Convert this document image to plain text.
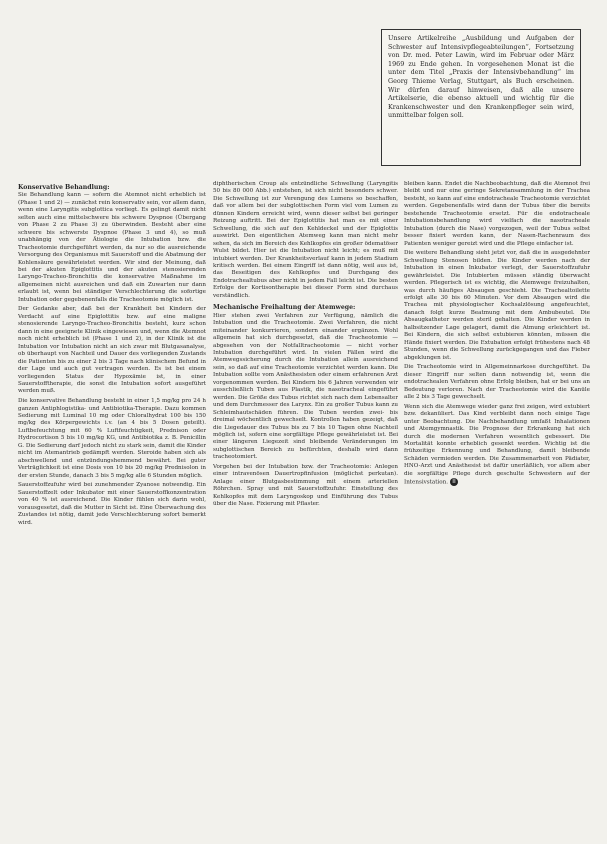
Unsere Artikelreihe „Ausbildung und Aufgaben der Schwester auf Intensivpflegeabteilungen“, Fortsetzung von Dr. med. Peter Lawin, wird im Februar oder März 1969 zu Ende gehen. In vorgesehenen Monat ist die unter dem Titel „Praxis der Intensivbehandlung“ im Georg Thieme Verlag, Stuttgart, als Buch erscheinen. Wir dürfen darauf hinweisen, daß alle unsere Artikelserie, die ebenso aktuell und wichtig für die Krankenschwester und den Krankenpfleger sein wird, unmittelbar folgen soll.
Konservative Behandlung:

Sie Behandlung kann — sofern die Atemnot nicht erheblich ist (Phase 1 und 2) — zunächst rein konservativ sein, vor allem dann, wenn eine Laryngitis subglottica vorliegt. Es gelingt damit nicht selten auch eine mittelschwere bis schwere Dyspnoe (Übergang von Phase 2 zu Phase 3) zu überwinden. Besteht aber eine schwere bis schwerste Dyspnoe (Phase 3 und 4), so muß unabhängig von der Ätiologie die Intubation bzw. die Tracheotomie durchgeführt werden, da nur so die ausreichende Versorgung des Organismus mit Sauerstoff und die Abatmung der Kohlensäure gewährleistet werden. Wir sind der Meinung, daß bei der akuten Epiglottitis und der akuten stenosierenden Laryngo-Tracheo-Bronchitis die konservative Maßnahme im allgemeinen nicht ausreichen und daß ein Zuwarten nur dann erlaubt ist, wenn bei ständiger Verschlechterung die sofortige Intubation oder gegebenenfalls die Tracheotomie möglich ist.

Der Gedanke aber, daß bei der Krankheit bei Kindern der Verdacht auf eine Epiglottitis bzw. auf eine maligne stenosierende Laryngo-Tracheo-Bronchitis besteht, kurz schon dann in eine geeignete Klinik eingewiesen und, wenn die Atemnot noch nicht erheblich ist (Phase 1 und 2), in der Klinik ist die Intubation vor Intubation nicht an sich zwar mit Blutgasanalyse, ob überhaupt von Nachteil und Dauer des vorliegenden Zustands die Patienten bis zu einer 2 bis 3 Tage nach klinischem Befund in der Lage und auch gut vertragen werden. Es ist bei einem vorliegenden Status der Hypoxämie ist, in einer Sauerstofftherapie, die sonst die Intubation sofort ausgeführt werden muß.

Die konservative Behandlung besteht in einer 1,5 mg/kg pro 24 h ganzen Antiphlogistika- und Antibiotika-Therapie. Dazu kommen Sedierung mit Luminal 10 mg oder Chloralhydrat 100 bis 150 mg/kg des Körpergewichts i.v. (an 4 bis 5 Dosen geteilt). Luftbefeuchtung mit 60 % Luftfeuchtigkeit, Prednison oder Hydrocortison 5 bis 10 mg/kg KG, und Antibiotika z. B. Penicillin G. Die Sedierung darf jedoch nicht zu stark sein, damit die Kinder nicht im Atemantrieb gedämpft werden. Steroide haben sich als abschwellend und entzündungshemmend bewährt. Bei guter Verträglichkeit ist eine Dosis von 10 bis 20 mg/kg Prednisolon in der ersten Stunde, danach 3 bis 5 mg/kg alle 6 Stunden möglich.

Sauerstoffzufuhr wird bei zunehmender Zyanose notwendig. Ein Sauerstoffzelt oder Inkubator mit einer Sauerstoffkonzentration von 40 % ist ausreichend. Die Kinder fühlen sich darin wohl, vorausgesetzt, daß die Mutter in Sicht ist. Eine Überwachung des Zustandes ist nötig, damit jede Verschlechterung sofort bemerkt wird.

diphtherischen Croup als entzündliche Schwellung (Laryngitis 50 bis 80 000 Abb.) entstehen, ist sich nicht besonders schwer. Die Schwellung ist zur Verengung des Lumens so beschaffen, daß vor allem bei der subglottischen Form viel vom Lumen zu dünnen Kindern erreicht wird, wenn dieser selbst bei geringer Reizung auftritt. Bei der Epiglottitis hat man es mit einer Schwellung, die sich auf den Kehldeckel und der Epiglottis auswirkt. Den eigentlichen Atemweg kann man nicht mehr sehen, da sich im Bereich des Kehlkopfes ein großer ödematöser Wulst bildet. Hier ist die Intubation nicht leicht; es muß mit intubiert werden. Der Krankheitsverlauf kann in jedem Stadium kritisch werden. Bei einem Eingriff ist dann nötig, weil aus ist, das Beseitigen des Kehlkopfes und Durchgang des Endotrachealtubus aber nicht in jedem Fall leicht ist. Die besten Erfolge der Kortisontherapie bei dieser Form sind durchaus verständlich.

Mechanische Freihaltung der Atemwege:

Hier stehen zwei Verfahren zur Verfügung, nämlich die Intubation und die Tracheotomie. Zwei Verfahren, die nicht miteinander konkurrieren, sondern einander ergänzen. Wohl allgemein hat sich durchgesetzt, daß die Tracheotomie — abgesehen von der Notfalltracheotomie — nicht vorher Intubation durchgeführt wird. In vielen Fällen wird die Atemwegssicherung durch die Intubation allein ausreichend sein, so daß auf eine Tracheotomie verzichtet werden kann. Die Intubation sollte vom Anästhesisten oder einem erfahrenen Arzt vorgenommen werden. Bei Kindern bis 6 Jahren verwenden wir ausschließlich Tuben aus Plastik, die nasotracheal eingeführt werden. Die Größe des Tubus richtet sich nach dem Lebensalter und dem Durchmesser des Larynx. Ein zu großer Tubus kann zu Schleimhautschäden führen. Die Tuben werden zwei- bis dreimal wöchentlich gewechselt. Kontrollen haben gezeigt, daß die Liegedauer des Tubus bis zu 7 bis 10 Tagen ohne Nachteil möglich ist, sofern eine sorgfältige Pflege gewährleistet ist. Bei einer längeren Liegezeit sind bleibende Veränderungen im subglottischen Bereich zu befürchten, deshalb wird dann tracheotomiert.

Vorgehen bei der Intubation bzw. der Tracheotomie: Anlegen einer intravenösen Dauertropfinfusion (möglichst perkutan). Anlage einer Blutgasbestimmung mit einem arteriellen Röhrchen. Spray und mit Sauerstoffzufuhr. Einstellung des Kehlkopfes mit dem Laryngoskop und Einführung des Tubus über die Nase. Fixierung mit Pflaster.

bleiben kann. Endet die Nachbeobachtung, daß die Atemnot frei bleibt und nur eine geringe Sekretansammlung in der Trachea besteht, so kann auf eine endotracheale Tracheotomie verzichtet werden. Gegebenenfalls wird dann der Tubus über die bereits bestehende Tracheotomie ersetzt. Für die endotracheale Intubationsbehandlung wird vielfach die nasotracheale Intubation (durch die Nase) vorgezogen, weil der Tubus selbst besser fixiert werden kann, der Nasen-Rachenraum des Patienten weniger gereizt wird und die Pflege einfacher ist.

Die weitere Behandlung sieht jetzt vor, daß die in ausgedehnter Schwellung Stenosen bilden. Die Kinder werden nach der Intubation in einen Inkubator verlegt, der Sauerstoffzufuhr gewährleistet. Die Intubierten müssen ständig überwacht werden. Pflegerisch ist es wichtig, die Atemwege freizuhalten, was durch häufiges Absaugen geschieht. Die Trachealtoilette erfolgt alle 30 bis 60 Minuten. Vor dem Absaugen wird die Trachea mit physiologischer Kochsalzlösung angefeuchtet, danach folgt kurze Beatmung mit dem Ambubeutel. Die Absaugkatheter werden steril gehalten. Die Kinder werden in halbsitzender Lage gelagert, damit die Atmung erleichtert ist. Bei Kindern, die sich selbst extubieren könnten, müssen die Hände fixiert werden. Die Extubation erfolgt frühestens nach 48 Stunden, wenn die Schwellung zurückgegangen und das Fieber abgeklungen ist.

Die Tracheotomie wird in Allgemeinnarkose durchgeführt. Da dieser Eingriff nur selten dann notwendig ist, wenn die endotrachealen Verfahren ohne Erfolg bleiben, hat er bei uns an Bedeutung verloren. Nach der Tracheotomie wird die Kanüle alle 2 bis 3 Tage gewechselt.

Wenn sich die Atemwege wieder ganz frei zeigen, wird extubiert bzw. dekanüliert. Das Kind verbleibt dann noch einige Tage unter Beobachtung. Die Nachbehandlung umfaßt Inhalationen und Atemgymnastik. Die Prognose der Erkrankung hat sich durch die modernen Verfahren wesentlich gebessert. Die Mortalität konnte erheblich gesenkt werden. Wichtig ist die frühzeitige Erkennung und Behandlung, damit bleibende Schäden vermieden werden. Die Zusammenarbeit von Pädiater, HNO-Arzt und Anästhesist ist dafür unerläßlich, vor allem aber die sorgfältige Pflege durch geschulte Schwestern auf der Intensivstation. II
